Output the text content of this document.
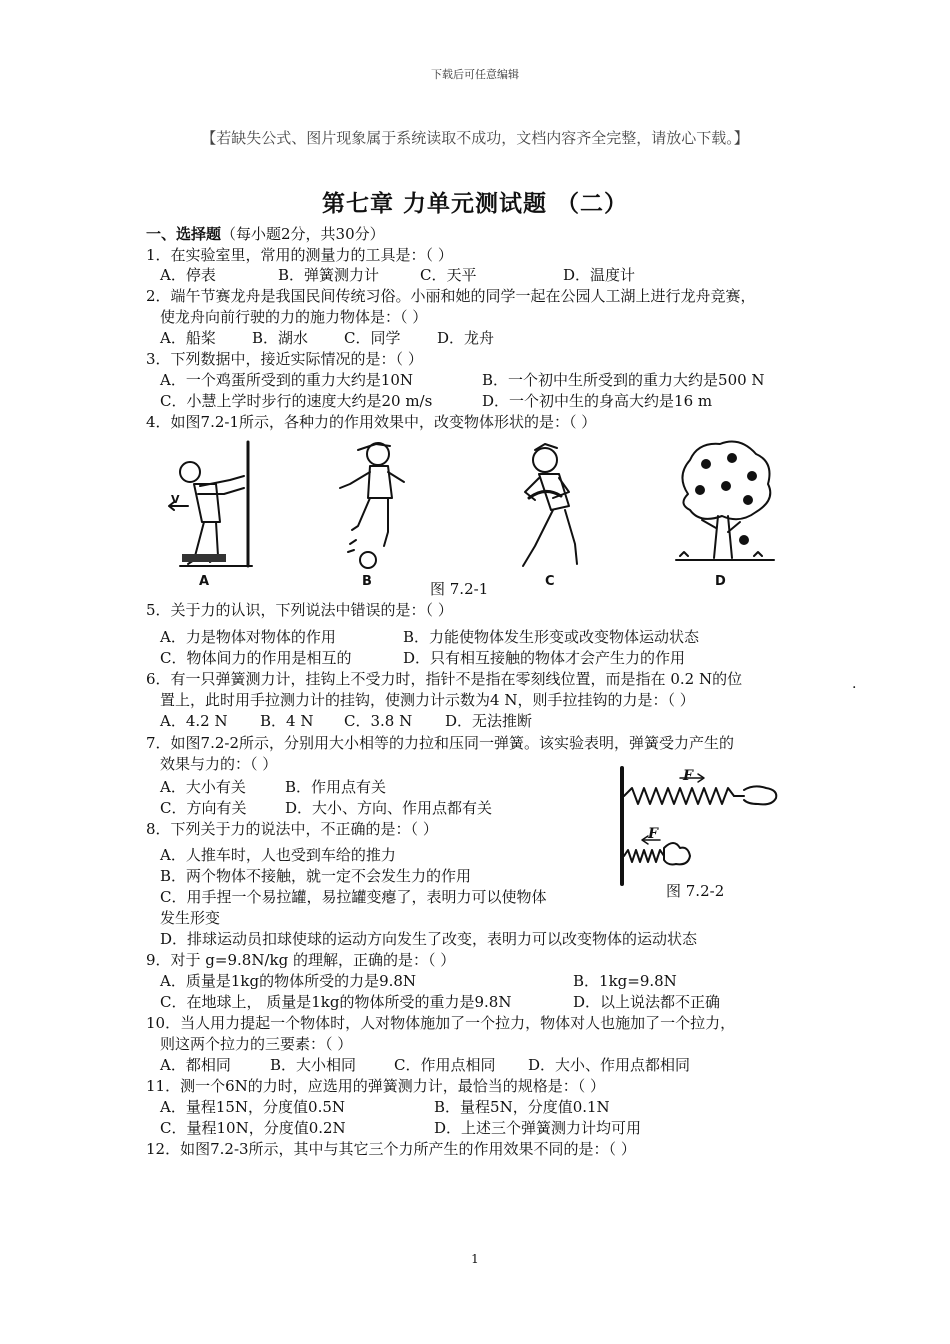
下载后可任意编辑
【若缺失公式、图片现象属于系统读取不成功，文档内容齐全完整，请放心下载。】
第七章 力单元测试题 （二）
一、选择题（每小题2分，共30分）
1．在实验室里，常用的测量力的工具是：（ ）
A．停表	B．弹簧测力计	C．天平	D．温度计
2．端午节赛龙舟是我国民间传统习俗。小丽和她的同学一起在公园人工湖上进行龙舟竞赛，
使龙舟向前行驶的力的施力物体是：（ ）
A．船桨 B．湖水 C．同学 D．龙舟
3．下列数据中，接近实际情况的是：（ ）
A．一个鸡蛋所受到的重力大约是10N	B．一个初中生所受到的重力大约是500 N
C．小慧上学时步行的速度大约是20 m/s	D．一个初中生的身高大约是16 m
4．如图7.2-1所示，各种力的作用效果中，改变物体形状的是：（ ）
V
A	B	图 7.2-1	C	D
5．关于力的认识，下列说法中错误的是：（ ）
A．力是物体对物体的作用	B．力能使物体发生形变或改变物体运动状态
C．物体间力的作用是相互的	D．只有相互接触的物体才会产生力的作用
6．有一只弹簧测力计，挂钩上不受力时，指针不是指在零刻线位置，而是指在 0.2 N的位	.
置上，此时用手拉测力计的挂钩，使测力计示数为4 N，则手拉挂钩的力是：（ ）
A．4.2 N B．4 N C．3.8 N D．无法推断
7．如图7.2-2所示，分别用大小相等的力拉和压同一弹簧。该实验表明，弹簧受力产生的
效果与力的：（ ）
A．大小有关	B．作用点有关
C．方向有关	D．大小、方向、作用点都有关
F
F
图 7.2-2
8．下列关于力的说法中，不正确的是：（ ）
A．人推车时，人也受到车给的推力
B．两个物体不接触，就一定不会发生力的作用
C．用手捏一个易拉罐，易拉罐变瘪了，表明力可以使物体
发生形变
D．排球运动员扣球使球的运动方向发生了改变，表明力可以改变物体的运动状态
9．对于 g=9.8N/kg 的理解，正确的是：（ ）
A．质量是1kg的物体所受的力是9.8N	B．1kg=9.8N
C．在地球上， 质量是1kg的物体所受的重力是9.8N	D．以上说法都不正确
10．当人用力提起一个物体时，人对物体施加了一个拉力，物体对人也施加了一个拉力，
则这两个拉力的三要素：（ ）
A．都相同	B．大小相同	C．作用点相同 D．大小、作用点都相同
11．测一个6N的力时，应选用的弹簧测力计，最恰当的规格是：（ ）
A．量程15N，分度值0.5N	B．量程5N，分度值0.1N
C．量程10N，分度值0.2N	D．上述三个弹簧测力计均可用
12．如图7.2-3所示，其中与其它三个力所产生的作用效果不同的是：（ ）
1
